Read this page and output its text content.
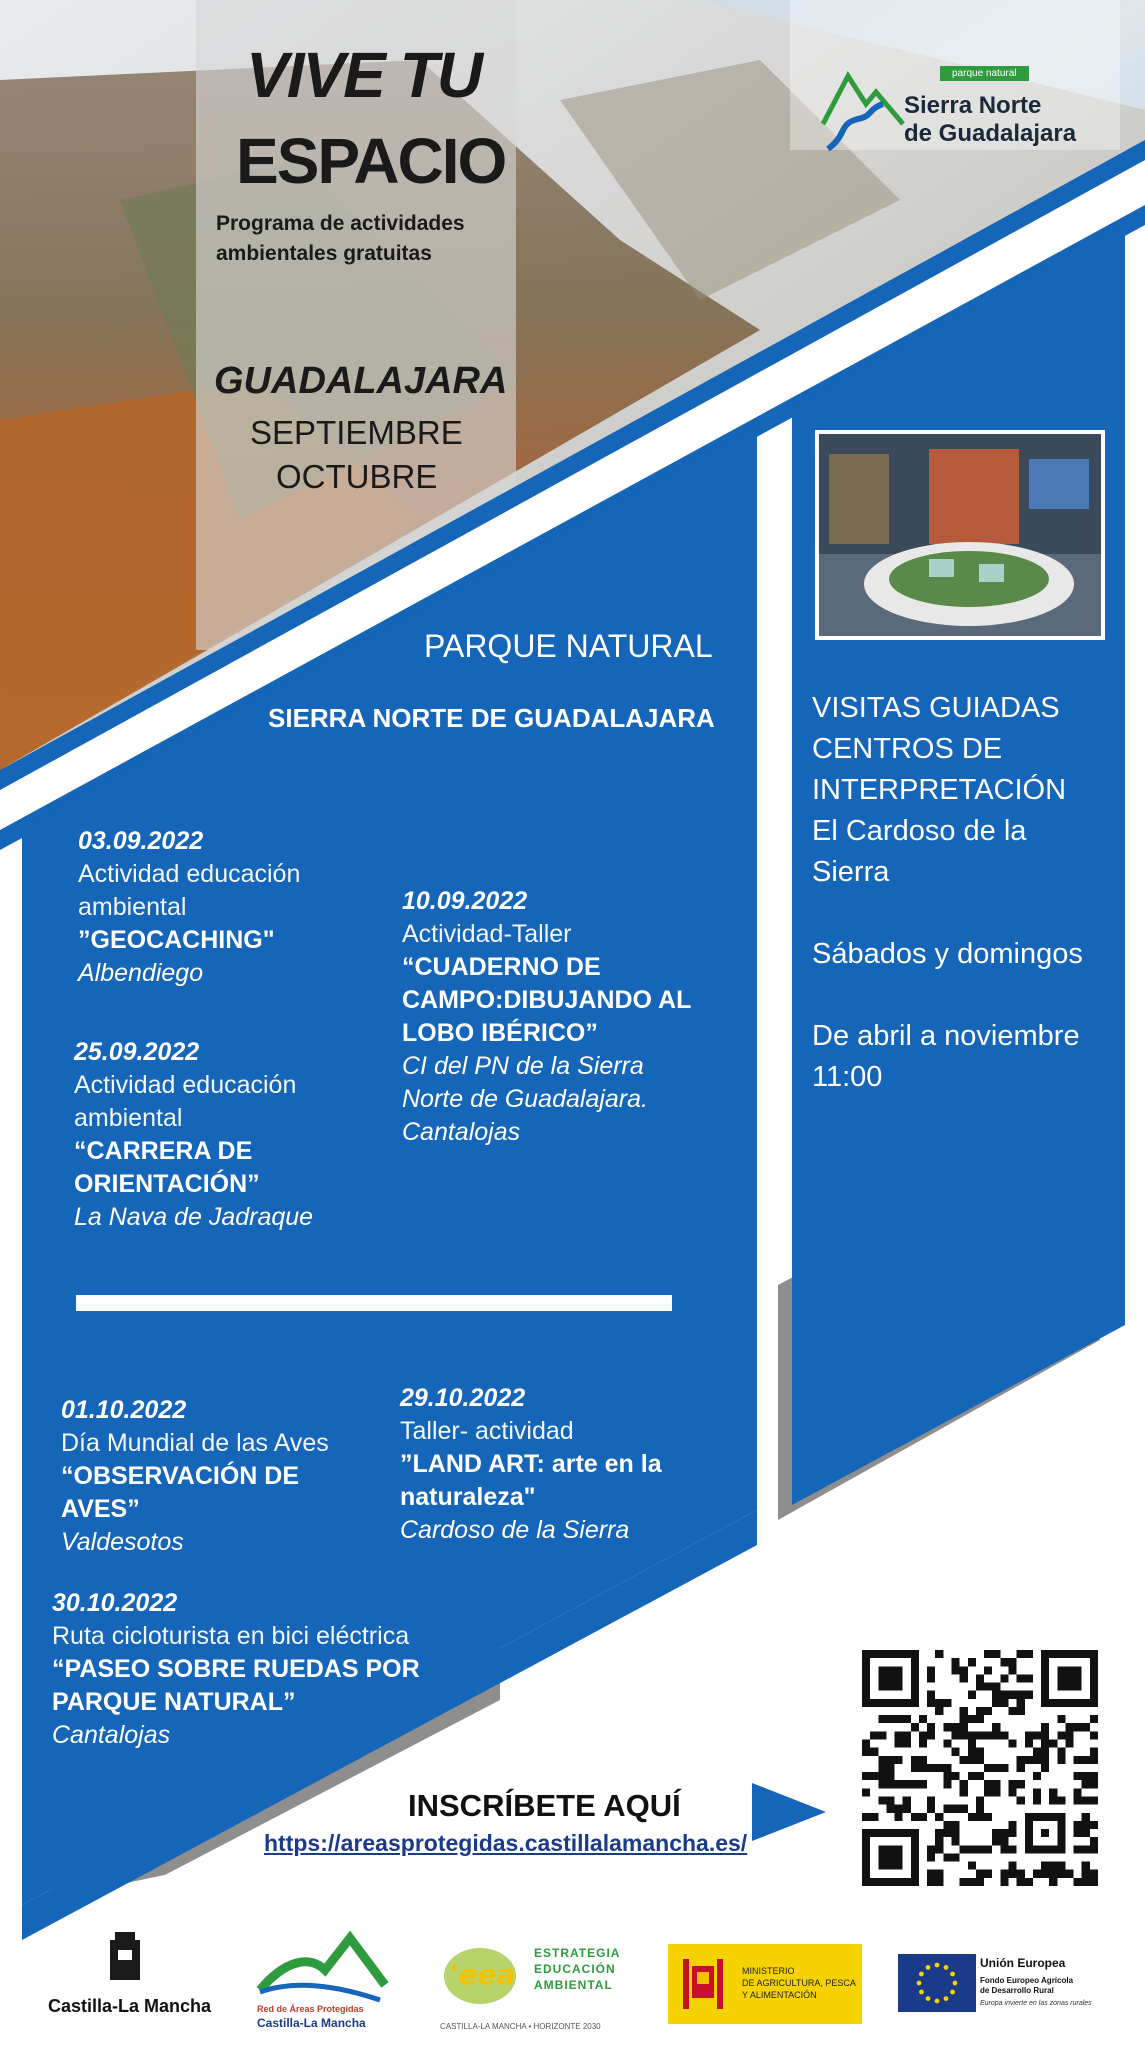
VIVE TU
ESPACIO
Programa de actividades
ambientales gratuitas
GUADALAJARA
SEPTIEMBRE
OCTUBRE
parque natural
Sierra Norte
de Guadalajara
PARQUE NATURAL
SIERRA NORTE DE GUADALAJARA
03.09.2022
Actividad educación ambiental
”GEOCACHING"
Albendiego
10.09.2022
Actividad-Taller
“CUADERNO DE CAMPO:DIBUJANDO AL LOBO IBÉRICO”
CI del PN de la Sierra Norte de Guadalajara. Cantalojas
25.09.2022
Actividad educación ambiental
“CARRERA DE ORIENTACIÓN”
La Nava de Jadraque
01.10.2022
Día Mundial de las Aves
“OBSERVACIÓN DE AVES”
Valdesotos
29.10.2022
Taller- actividad
”LAND ART: arte en la naturaleza"
Cardoso de la Sierra
30.10.2022
Ruta cicloturista en bici eléctrica
“PASEO SOBRE RUEDAS POR PARQUE NATURAL”
Cantalojas
VISITAS GUIADAS
CENTROS DE
INTERPRETACIÓN
El Cardoso de la
Sierra
Sábados y domingos
De abril a noviembre
11:00
INSCRÍBETE AQUÍ
https://areasprotegidas.castillalamancha.es/
Castilla-La Mancha	Red de Áreas Protegidas
Castilla-La Mancha
'eea
ESTRATEGIA
EDUCACIÓN
AMBIENTAL
CASTILLA-LA MANCHA • HORIZONTE 2030
MINISTERIO
DE AGRICULTURA, PESCA
Y ALIMENTACIÓN
Unión Europea
Fondo Europeo Agrícola
de Desarrollo Rural
Europa invierte en las zonas rurales
